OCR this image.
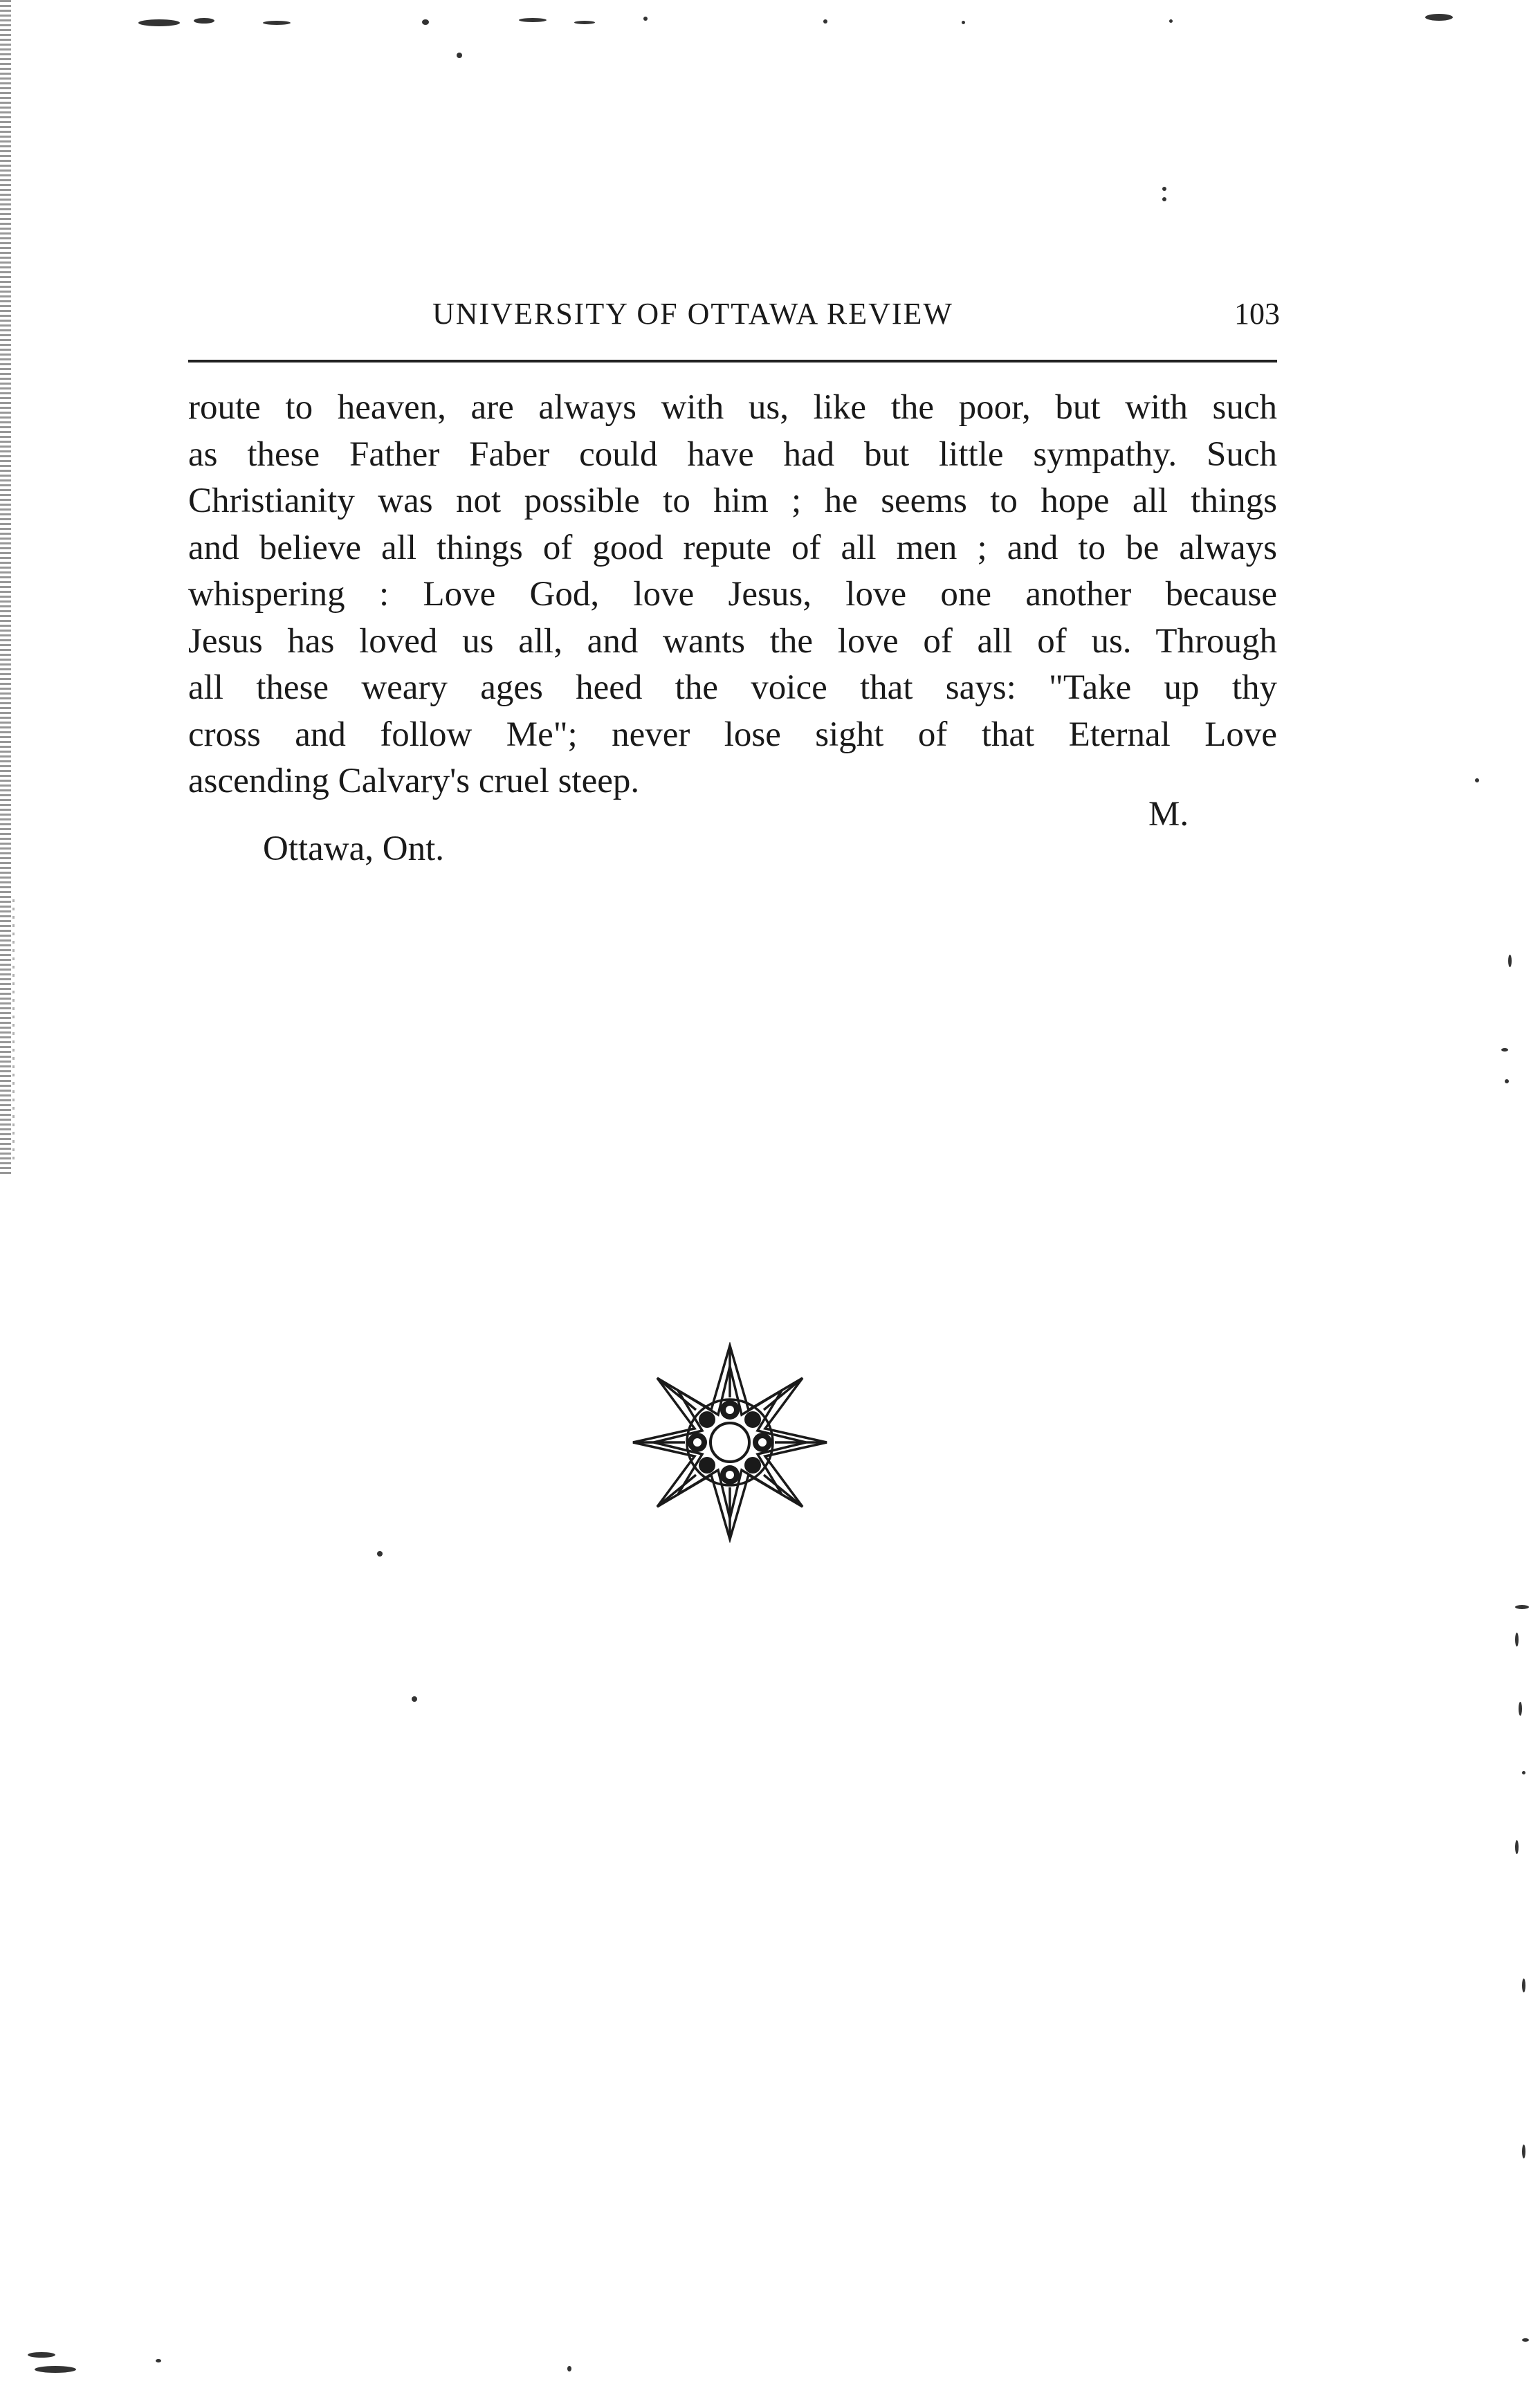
UNIVERSITY OF OTTAWA REVIEW	103
route to heaven, are always with us, like the poor, but with such
as these Father Faber could have had but little sympathy. Such
Christianity was not possible to him ; he seems to hope all things
and believe all things of good repute of all men ; and to be always
whispering : Love God, love Jesus, love one another because
Jesus has loved us all, and wants the love of all of us. Through
all these weary ages heed the voice that says: "Take up thy
cross and follow Me"; never lose sight of that Eternal Love
ascending Calvary's cruel steep.
M.
Ottawa, Ont.
